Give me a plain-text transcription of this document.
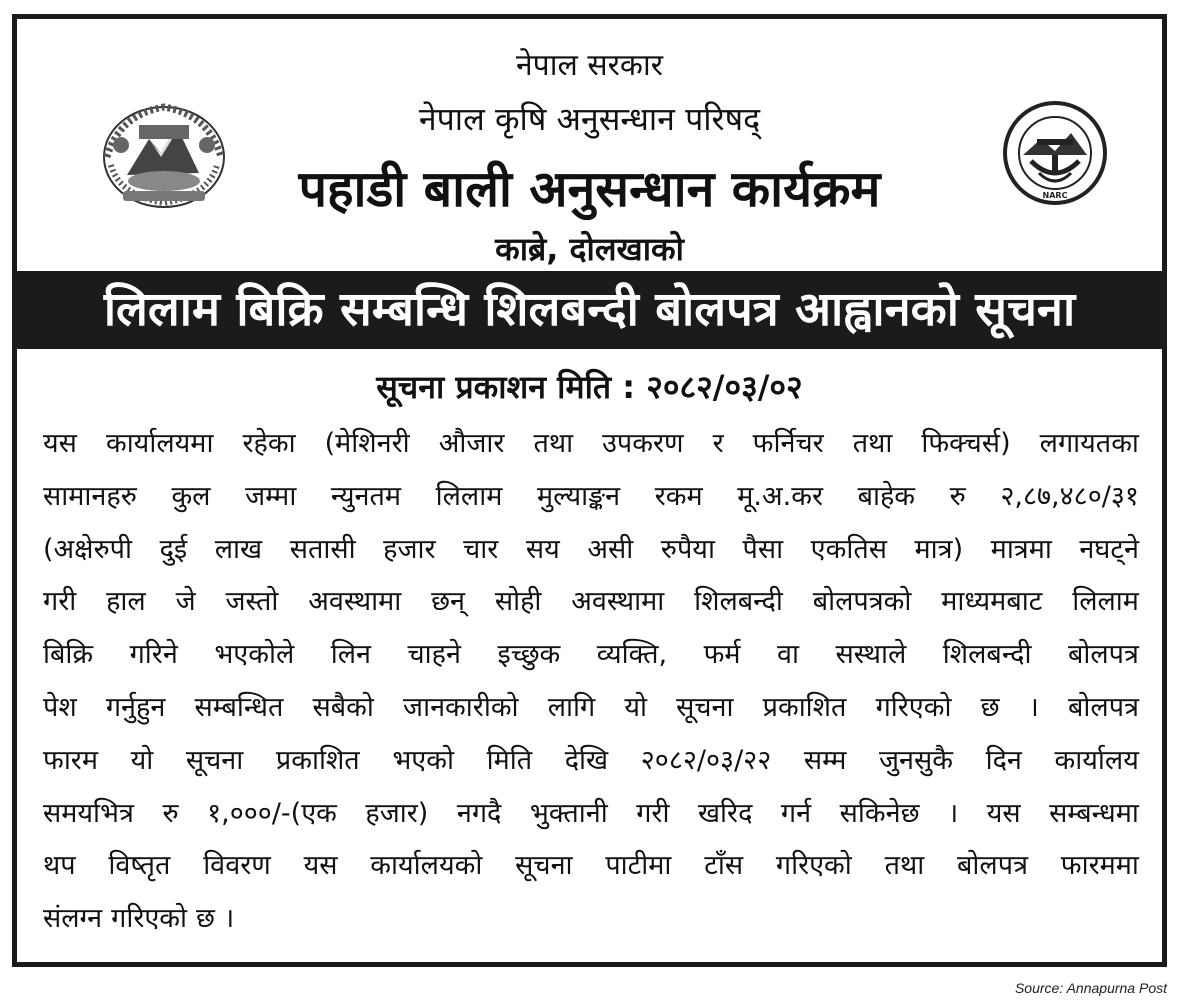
NARC
नेपाल सरकार
नेपाल कृषि अनुसन्धान परिषद्
पहाडी बाली अनुसन्धान कार्यक्रम
काब्रे, दोलखाको
लिलाम बिक्रि सम्बन्धि शिलबन्दी बोलपत्र आह्वानको सूचना
सूचना प्रकाशन मिति : २०८२/०३/०२
यस कार्यालयमा रहेका (मेशिनरी औजार तथा उपकरण र फर्निचर तथा फिक्चर्स) लगायतका
सामानहरु कुल जम्मा न्युनतम लिलाम मुल्याङ्कन रकम मू.अ.कर बाहेक रु २,८७,४८०/३१
(अक्षेरुपी दुई लाख सतासी हजार चार सय असी रुपैया पैसा एकतिस मात्र) मात्रमा नघट्ने
गरी हाल जे जस्तो अवस्थामा छन् सोही अवस्थामा शिलबन्दी बोलपत्रको माध्यमबाट लिलाम
बिक्रि गरिने भएकोले लिन चाहने इच्छुक व्यक्ति, फर्म वा सस्थाले शिलबन्दी बोलपत्र
पेश गर्नुहुन सम्बन्धित सबैको जानकारीको लागि यो सूचना प्रकाशित गरिएको छ । बोलपत्र
फारम यो सूचना प्रकाशित भएको मिति देखि २०८२/०३/२२ सम्म जुनसुकै दिन कार्यालय
समयभित्र रु १,०००/-(एक हजार) नगदै भुक्तानी गरी खरिद गर्न सकिनेछ । यस सम्बन्धमा
थप विष्तृत विवरण यस कार्यालयको सूचना पाटीमा टाँस गरिएको तथा बोलपत्र फारममा
संलग्न गरिएको छ ।
Source: Annapurna Post
